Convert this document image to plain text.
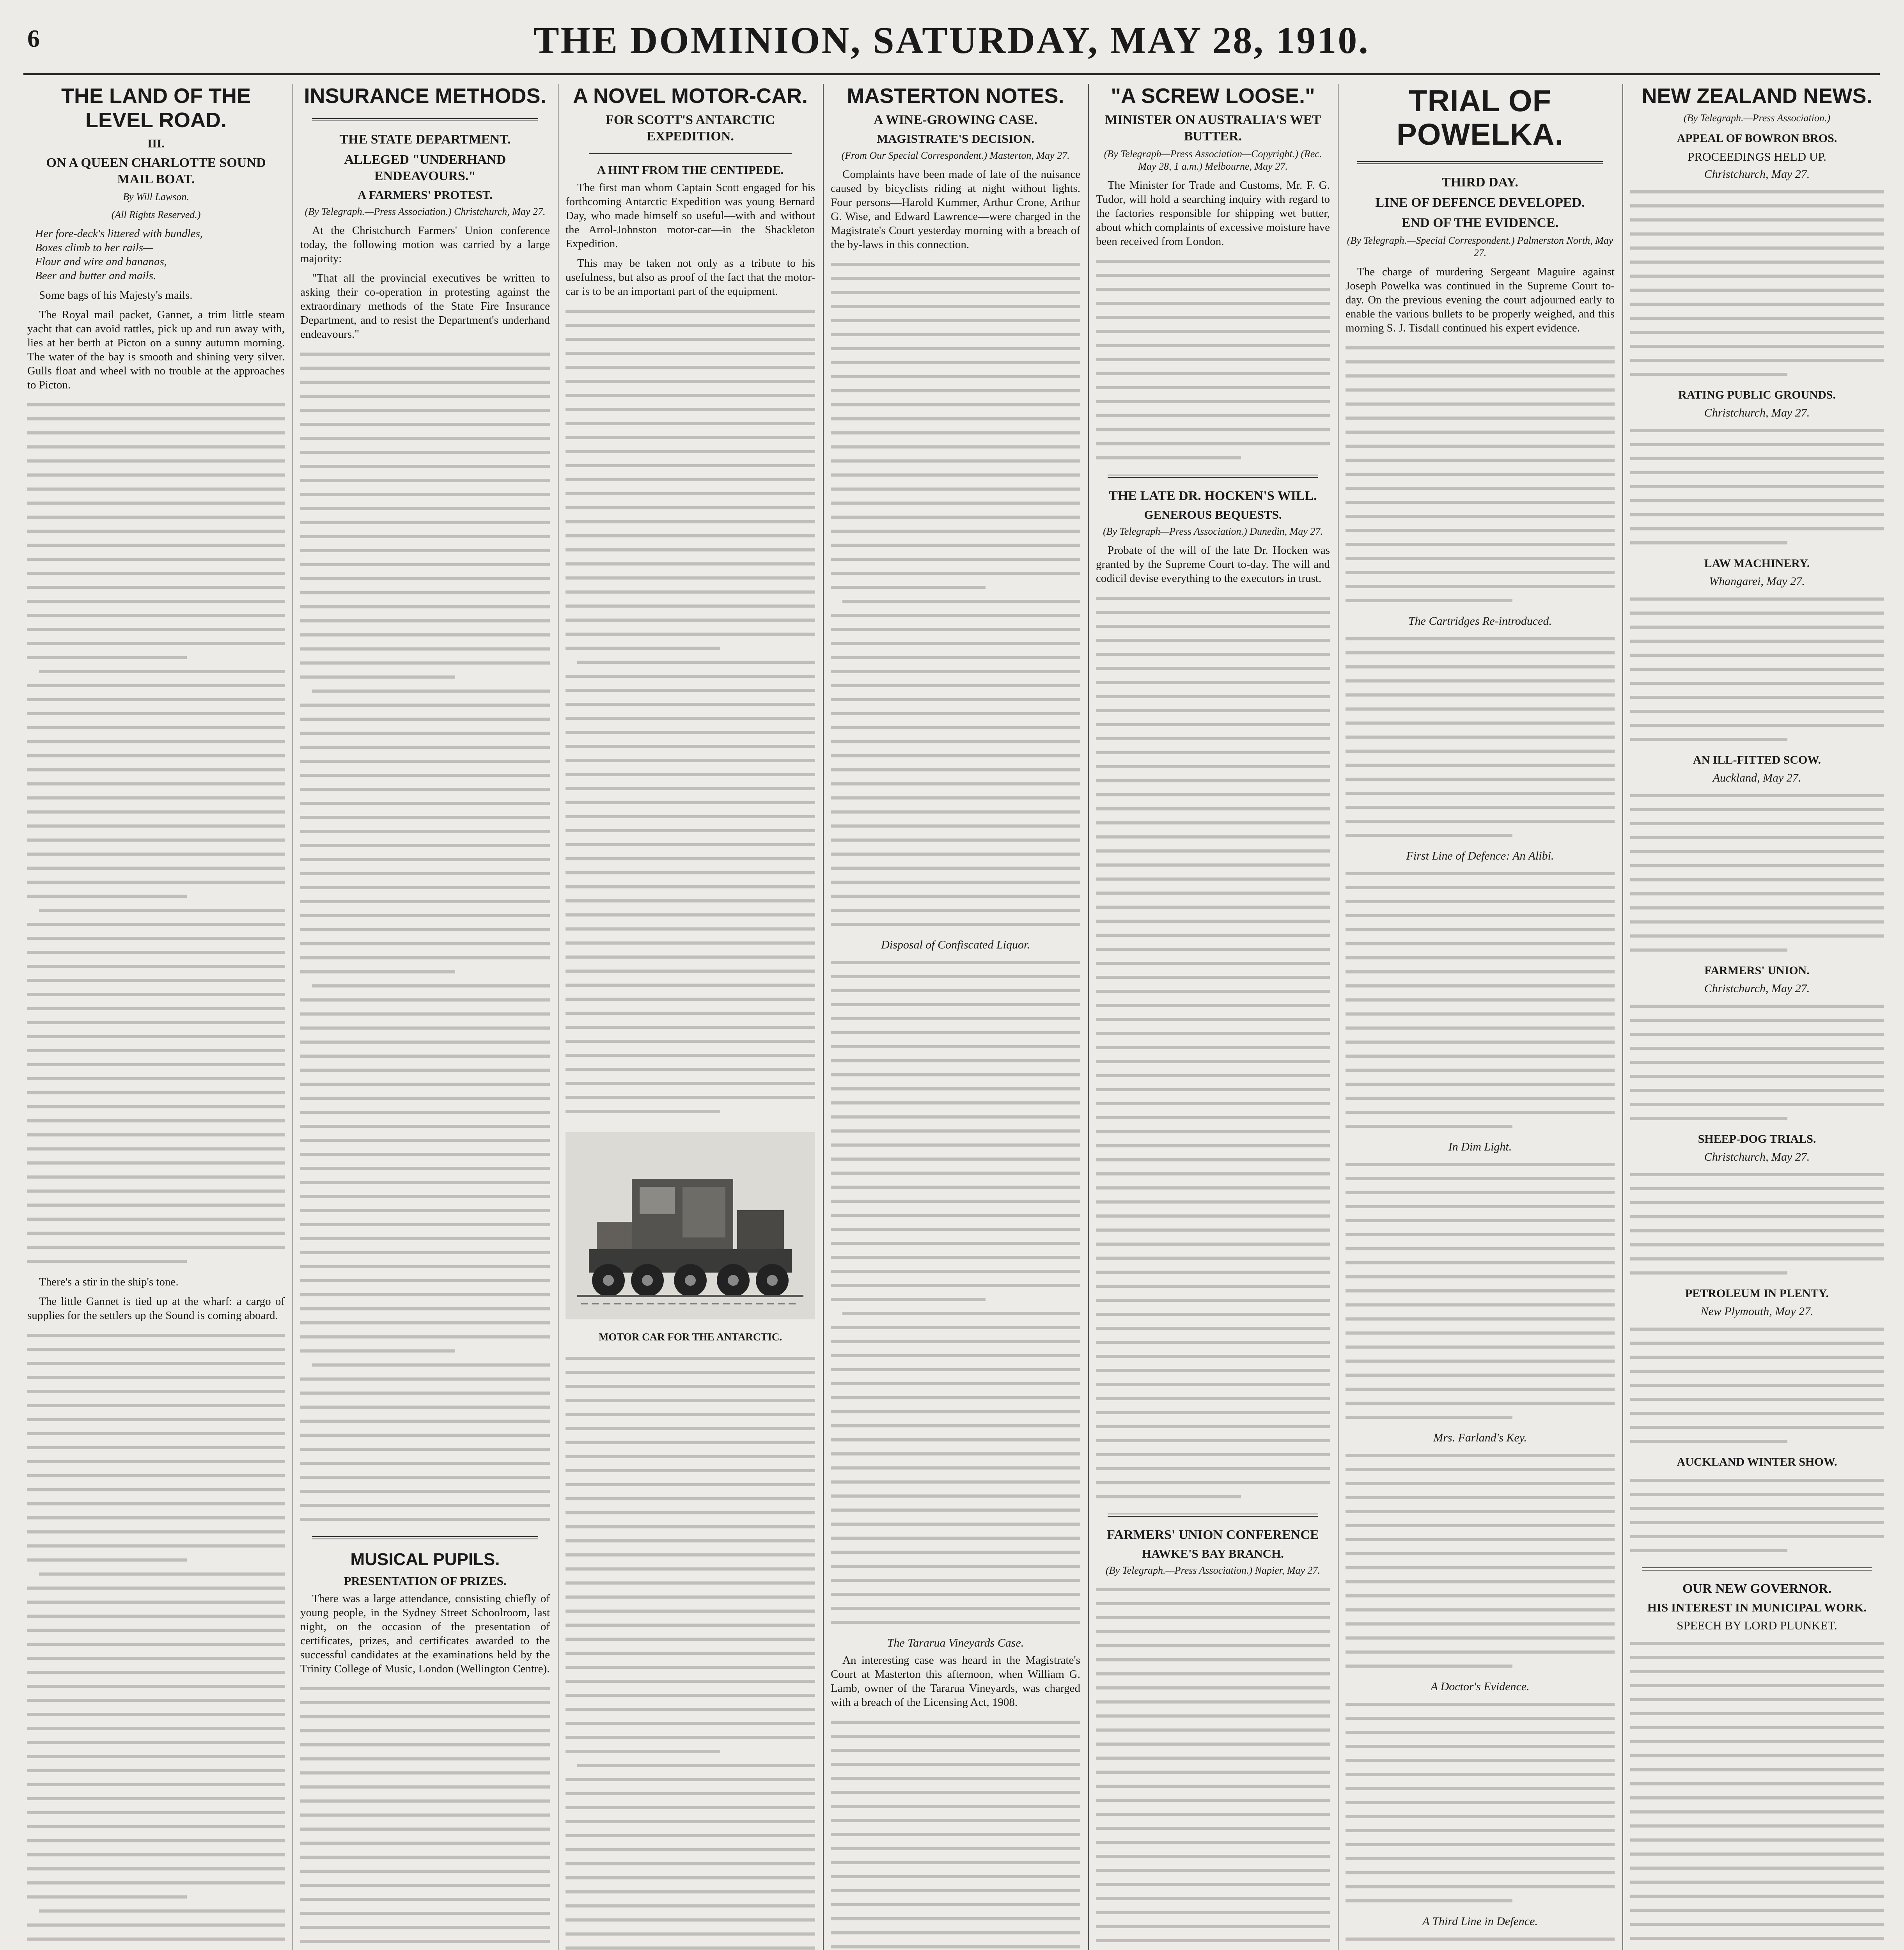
6	THE DOMINION, SATURDAY, MAY 28, 1910.
THE LAND OF THE LEVEL ROAD.
III.
ON A QUEEN CHARLOTTE SOUND MAIL BOAT.
By Will Lawson.
(All Rights Reserved.)

Her fore-deck's littered with bundles,
Boxes climb to her rails—
Flour and wire and bananas,
Beer and butter and mails.

Some bags of his Majesty's mails.

The Royal mail packet, Gannet, a trim little steam yacht that can avoid rattles, pick up and run away with, lies at her berth at Picton on a sunny autumn morning. The water of the bay is smooth and shining very silver. Gulls float and wheel with no trouble at the approaches to Picton.

There's a stir in the ship's tone.

The little Gannet is tied up at the wharf: a cargo of supplies for the settlers up the Sound is coming aboard.

INSURANCE METHODS.
THE STATE DEPARTMENT.
ALLEGED "UNDERHAND ENDEAVOURS."
A FARMERS' PROTEST.
(By Telegraph.—Press Association.) Christchurch, May 27.

At the Christchurch Farmers' Union conference today, the following motion was carried by a large majority:

"That all the provincial executives be written to asking their co-operation in protesting against the extraordinary methods of the State Fire Insurance Department, and to resist the Department's underhand endeavours."

MUSICAL PUPILS.
PRESENTATION OF PRIZES.

There was a large attendance, consisting chiefly of young people, in the Sydney Street Schoolroom, last night, on the occasion of the presentation of certificates, prizes, and certificates awarded to the successful candidates at the examinations held by the Trinity College of Music, London (Wellington Centre).

A NOVEL MOTOR-CAR.
FOR SCOTT'S ANTARCTIC EXPEDITION.
A HINT FROM THE CENTIPEDE.

The first man whom Captain Scott engaged for his forthcoming Antarctic Expedition was young Bernard Day, who made himself so useful—with and without the Arrol-Johnston motor-car—in the Shackleton Expedition.

This may be taken not only as a tribute to his usefulness, but also as proof of the fact that the motor-car is to be an important part of the equipment.

MOTOR CAR FOR THE ANTARCTIC.

MASTERTON NOTES.
A WINE-GROWING CASE.
MAGISTRATE'S DECISION.
(From Our Special Correspondent.) Masterton, May 27.

Complaints have been made of late of the nuisance caused by bicyclists riding at night without lights. Four persons—Harold Kummer, Arthur Crone, Arthur G. Wise, and Edward Lawrence—were charged in the Magistrate's Court yesterday morning with a breach of the by-laws in this connection.

Disposal of Confiscated Liquor.
The Tararua Vineyards Case.

An interesting case was heard in the Magistrate's Court at Masterton this afternoon, when William G. Lamb, owner of the Tararua Vineyards, was charged with a breach of the Licensing Act, 1908.

"A SCREW LOOSE."
MINISTER ON AUSTRALIA'S WET BUTTER.
(By Telegraph—Press Association—Copyright.) (Rec. May 28, 1 a.m.) Melbourne, May 27.

The Minister for Trade and Customs, Mr. F. G. Tudor, will hold a searching inquiry with regard to the factories responsible for shipping wet butter, about which complaints of excessive moisture have been received from London.

THE LATE DR. HOCKEN'S WILL.
GENEROUS BEQUESTS.
(By Telegraph—Press Association.) Dunedin, May 27.

Probate of the will of the late Dr. Hocken was granted by the Supreme Court to-day. The will and codicil devise everything to the executors in trust.

FARMERS' UNION CONFERENCE
HAWKE'S BAY BRANCH.
(By Telegraph.—Press Association.) Napier, May 27.

TRIAL OF POWELKA.
THIRD DAY.
LINE OF DEFENCE DEVELOPED.
END OF THE EVIDENCE.
(By Telegraph.—Special Correspondent.) Palmerston North, May 27.

The charge of murdering Sergeant Maguire against Joseph Powelka was continued in the Supreme Court to-day. On the previous evening the court adjourned early to enable the various bullets to be properly weighed, and this morning S. J. Tisdall continued his expert evidence.

The Cartridges Re-introduced.
First Line of Defence: An Alibi.
In Dim Light.
Mrs. Farland's Key.
A Doctor's Evidence.
A Third Line in Defence.
NEW ZEALAND NEWS.
(By Telegraph.—Press Association.)
APPEAL OF BOWRON BROS.
PROCEEDINGS HELD UP.
Christchurch, May 27.
RATING PUBLIC GROUNDS.
Christchurch, May 27.
LAW MACHINERY.
Whangarei, May 27.
AN ILL-FITTED SCOW.
Auckland, May 27.
FARMERS' UNION.
Christchurch, May 27.
SHEEP-DOG TRIALS.
Christchurch, May 27.
PETROLEUM IN PLENTY.
New Plymouth, May 27.
AUCKLAND WINTER SHOW.
OUR NEW GOVERNOR.
HIS INTEREST IN MUNICIPAL WORK.
SPEECH BY LORD PLUNKET.
